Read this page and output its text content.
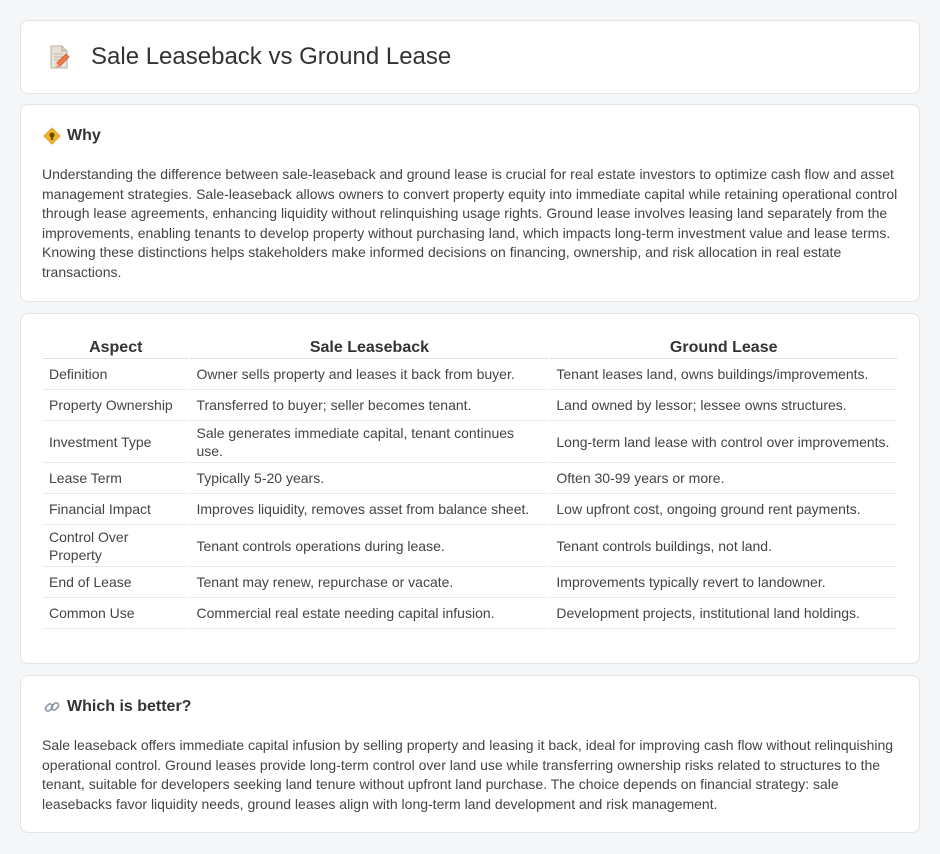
Sale Leaseback vs Ground Lease
Why

Understanding the difference between sale-leaseback and ground lease is crucial for real estate investors to optimize cash flow and asset management strategies. Sale-leaseback allows owners to convert property equity into immediate capital while retaining operational control through lease agreements, enhancing liquidity without relinquishing usage rights. Ground lease involves leasing land separately from the improvements, enabling tenants to develop property without purchasing land, which impacts long-term investment value and lease terms. Knowing these distinctions helps stakeholders make informed decisions on financing, ownership, and risk allocation in real estate transactions.

Aspect	Sale Leaseback	Ground Lease
Definition	Owner sells property and leases it back from buyer.	Tenant leases land, owns buildings/improvements.
Property Ownership	Transferred to buyer; seller becomes tenant.	Land owned by lessor; lessee owns structures.
Investment Type	Sale generates immediate capital, tenant continues use.	Long-term land lease with control over improvements.
Lease Term	Typically 5-20 years.	Often 30-99 years or more.
Financial Impact	Improves liquidity, removes asset from balance sheet.	Low upfront cost, ongoing ground rent payments.
Control Over Property	Tenant controls operations during lease.	Tenant controls buildings, not land.
End of Lease	Tenant may renew, repurchase or vacate.	Improvements typically revert to landowner.
Common Use	Commercial real estate needing capital infusion.	Development projects, institutional land holdings.
Which is better?

Sale leaseback offers immediate capital infusion by selling property and leasing it back, ideal for improving cash flow without relinquishing operational control. Ground leases provide long-term control over land use while transferring ownership risks related to structures to the tenant, suitable for developers seeking land tenure without upfront land purchase. The choice depends on financial strategy: sale leasebacks favor liquidity needs, ground leases align with long-term land development and risk management.
